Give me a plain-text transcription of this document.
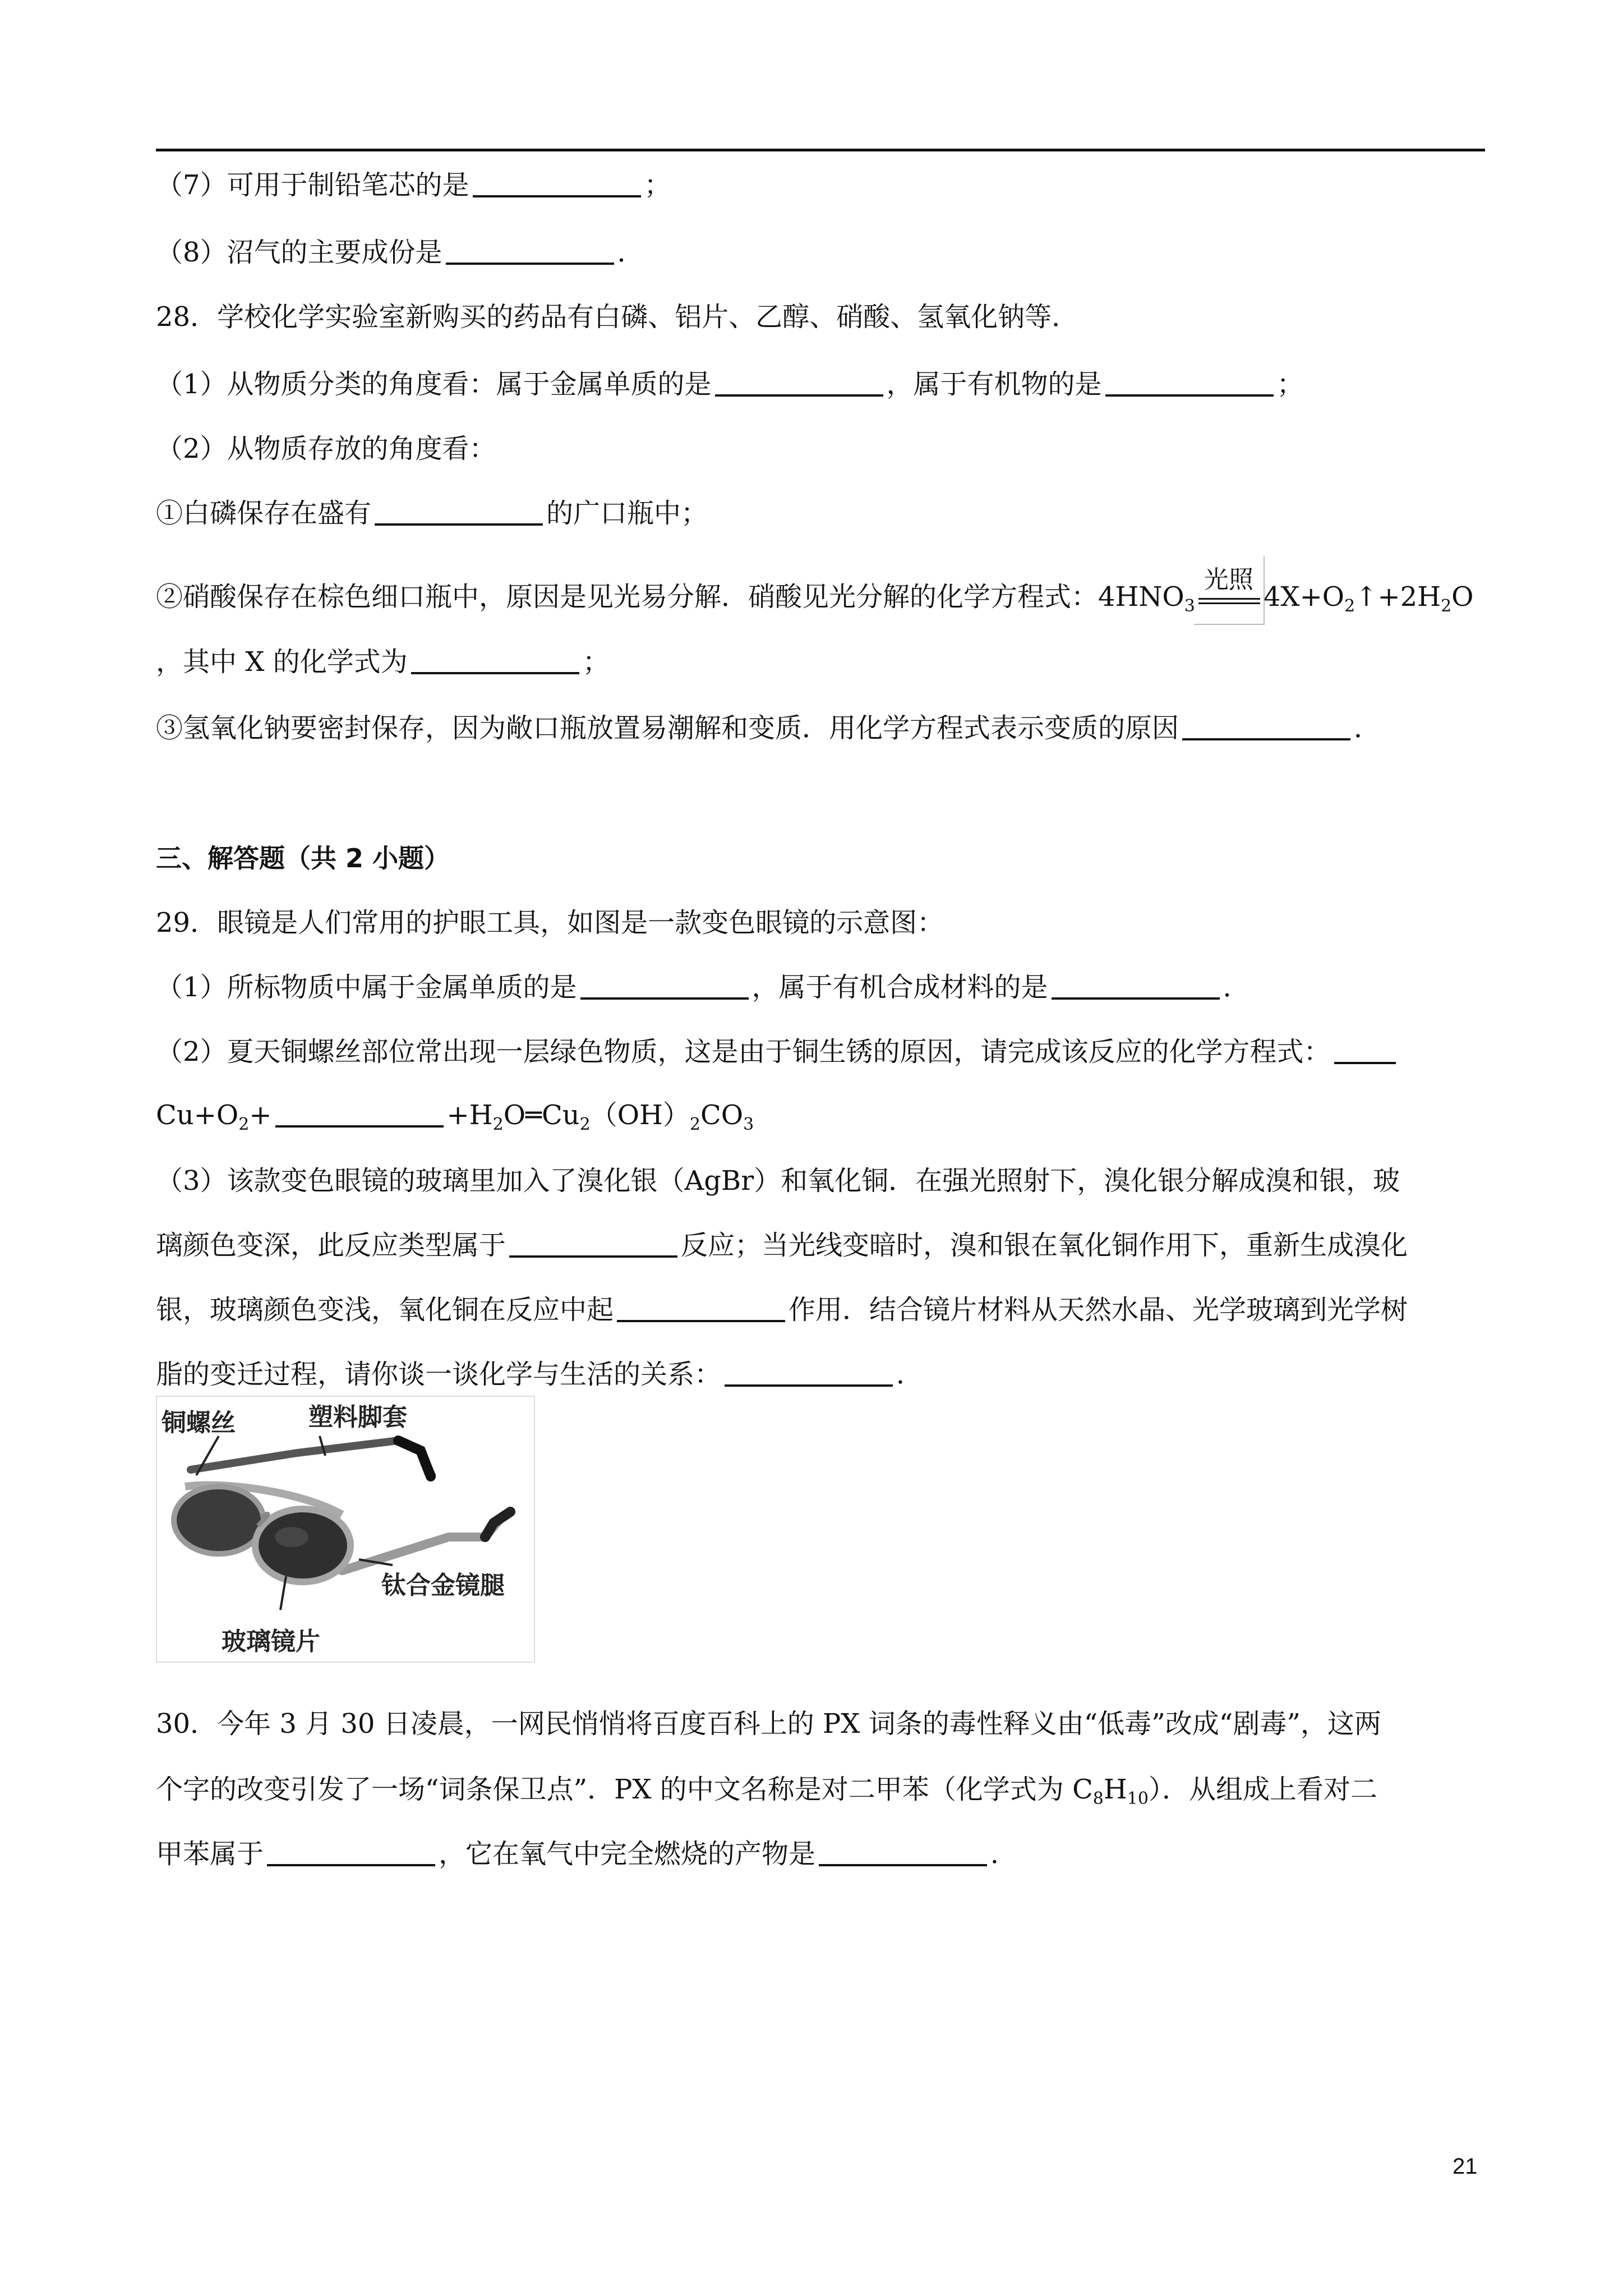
（7）可用于制铅笔芯的是	；
（8）沼气的主要成份是	．
28．学校化学实验室新购买的药品有白磷、铝片、乙醇、硝酸、氢氧化钠等．
（1）从物质分类的角度看：属于金属单质的是	，属于有机物的是	；
（2）从物质存放的角度看：
①白磷保存在盛有	的广口瓶中；
②硝酸保存在棕色细口瓶中，原因是见光易分解．硝酸见光分解的化学方程式：$4HNO_3$
光照
$4X+O_2↑+2H_2O$
，其中 X 的化学式为	；
③氢氧化钠要密封保存，因为敞口瓶放置易潮解和变质．用化学方程式表示变质的原因	．
三、解答题（共 2 小题）
29．眼镜是人们常用的护眼工具，如图是一款变色眼镜的示意图：
（1）所标物质中属于金属单质的是	，属于有机合成材料的是	．
（2）夏天铜螺丝部位常出现一层绿色物质，这是由于铜生锈的原因，请完成该反应的化学方程式：
$Cu+O_2+$	$+H_2O═Cu_2(OH)_2CO_3$
（3）该款变色眼镜的玻璃里加入了溴化银（AgBr）和氧化铜．在强光照射下，溴化银分解成溴和银，玻
璃颜色变深，此反应类型属于	反应；当光线变暗时，溴和银在氧化铜作用下，重新生成溴化
银，玻璃颜色变浅，氧化铜在反应中起	作用．结合镜片材料从天然水晶、光学玻璃到光学树
脂的变迁过程，请你谈一谈化学与生活的关系：	．
铜螺丝	塑料脚套
钛合金镜腿
玻璃镜片
30．今年 3 月 30 日凌晨，一网民悄悄将百度百科上的 PX 词条的毒性释义由“低毒”改成“剧毒”，这两
个字的改变引发了一场“词条保卫点”．PX 的中文名称是对二甲苯（化学式为 $C_8H_{10}$）．从组成上看对二
甲苯属于	，它在氧气中完全燃烧的产物是	．
21
